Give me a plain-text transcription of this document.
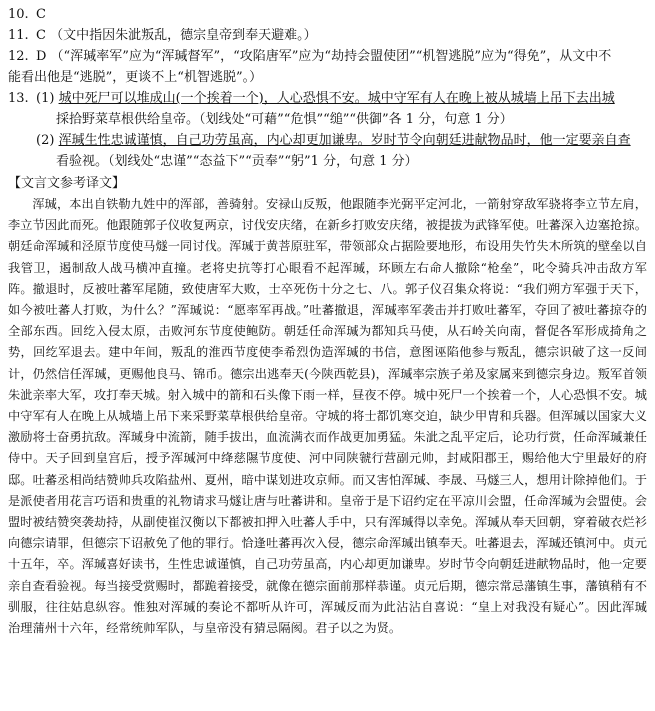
10. C
11. C （文中指因朱泚叛乱，德宗皇帝到奉天避难。）
12. D （“浑瑊率军”应为“浑瑊督军”，“攻陷唐军”应为“劫持会盟使团”“机智逃脱”应为“得免”，从文中不
能看出他是“逃脱”，更谈不上“机智逃脱”。）
13. (1) 城中死尸可以堆成山(一个挨着一个)，人心恐惧不安。城中守军有人在晚上被从城墙上吊下去出城
採拾野菜草根供给皇帝。（划线处“可藉”“危惧”“缒”“供御”各 1 分，句意 1 分）
(2) 浑瑊生性忠诚谨慎，自己功劳虽高，内心却更加谦卑。岁时节令向朝廷进献物品时，他一定要亲自查
看验视。（划线处“忠谨”“态益下”“贡奉”“躬”1 分，句意 1 分）
【文言文参考译文】

浑瑊，本出自铁勒九姓中的浑部，善骑射。安禄山反叛，他跟随李光弼平定河北，一箭射穿敌军骁将李立节左肩，李立节因此而死。他跟随郭子仪收复两京，讨伐安庆绪，在新乡打败安庆绪，被提拔为武锋军使。吐蕃深入边塞抢掠。朝廷命浑瑊和泾原节度使马燧一同讨伐。浑瑊于黄菩原驻军，带领部众占据险要地形，布设用失竹失木所筑的壁垒以自我管卫，遏制敌人战马横冲直撞。老将史抗等打心眼看不起浑瑊，环顾左右命人撤除“枪垒”，叱令骑兵冲击敌方军阵。撤退时，反被吐蕃军尾随，致使唐军大败，士卒死伤十分之七、八。郭子仪召集众将说：“我们朔方军强于天下，如今被吐蕃人打败，为什么？”浑瑊说：“愿率军再战。”吐蕃撤退，浑瑊率军袭击并打败吐蕃军，夺回了被吐蕃掠夺的全部东西。回纥入侵太原，击败河东节度使鲍防。朝廷任命浑瑊为都知兵马使，从石岭关向南，督促各军形成掎角之势，回纥军退去。建中年间，叛乱的淮西节度使李希烈伪造浑瑊的书信，意图诬陷他参与叛乱，德宗识破了这一反间计，仍然信任浑瑊，更赐他良马、锦币。德宗出逃奉天(今陕西乾县)，浑瑊率宗族子弟及家属来到德宗身边。叛军首领朱泚亲率大军，攻打奉天城。射入城中的箭和石头像下雨一样，昼夜不停。城中死尸一个挨着一个，人心恐惧不安。城中守军有人在晚上从城墙上吊下来采野菜草根供给皇帝。守城的将士都饥寒交迫，缺少甲胄和兵器。但浑瑊以国家大义激励将士奋勇抗敌。浑瑊身中流箭，随手拔出，血流满衣而作战更加勇猛。朱泚之乱平定后，论功行赏，任命浑瑊兼任侍中。天子回到皇宫后，授予浑瑊河中绛慈隰节度使、河中同陕虢行营副元帅，封咸阳郡王，赐给他大宁里最好的府邸。吐蕃丞相尚结赞帅兵攻陷盐州、夏州，暗中谋划进攻京师。而又害怕浑瑊、李晟、马燧三人，想用计除掉他们。于是派使者用花言巧语和贵重的礼物请求马燧让唐与吐蕃讲和。皇帝于是下诏约定在平凉川会盟，任命浑瑊为会盟使。会盟时被结赞突袭劫持，从副使崔汉衡以下都被扣押入吐蕃人手中，只有浑瑊得以幸免。浑瑊从奉天回朝，穿着破衣烂衫向德宗请罪，但德宗下诏赦免了他的罪行。恰逢吐蕃再次入侵，德宗命浑瑊出镇奉天。吐蕃退去，浑瑊还镇河中。贞元十五年，卒。浑瑊喜好读书，生性忠诚谨慎，自己功劳虽高，内心却更加谦卑。岁时节令向朝廷进献物品时，他一定要亲自查看验视。每当接受赏赐时，都跪着接受，就像在德宗面前那样恭谨。贞元后期，德宗常忌藩镇生事，藩镇稍有不驯服，往往姑息纵容。惟独对浑瑊的奏论不都听从许可，浑瑊反而为此沾沾自喜说：“皇上对我没有疑心”。因此浑瑊治理蒲州十六年，经常统帅军队，与皇帝没有猜忌隔阂。君子以之为贤。
